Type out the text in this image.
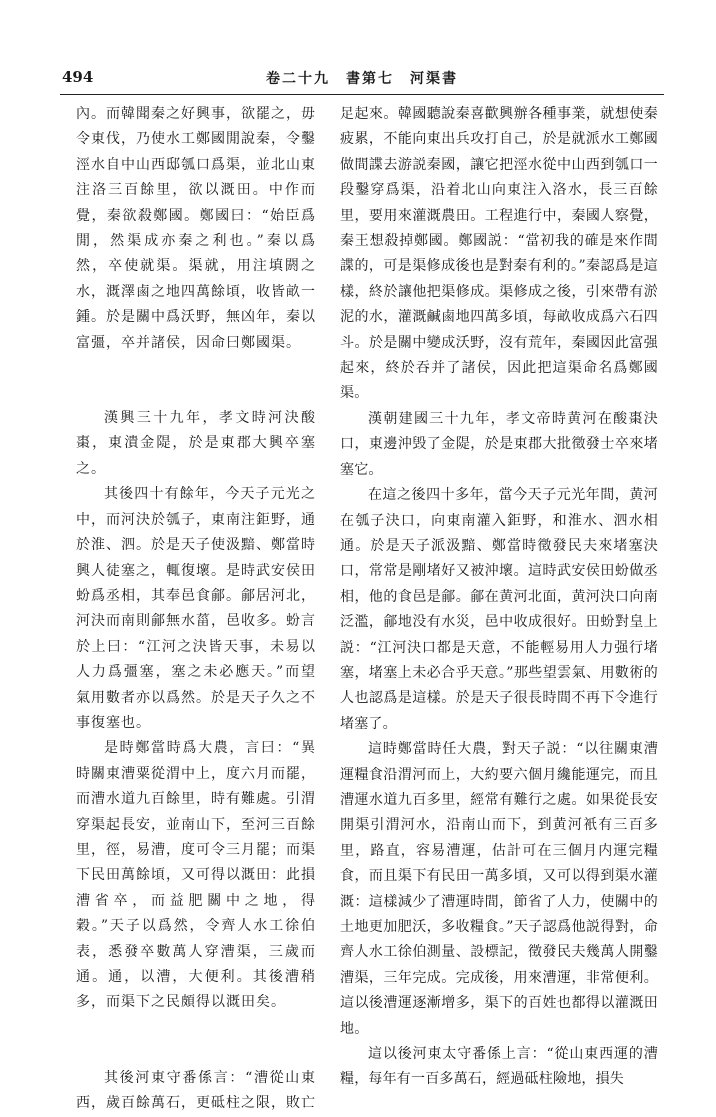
494	卷二十九　書第七　河渠書

內。而韓聞秦之好興事，欲罷之，毋令東伐，乃使水工鄭國閒說秦，令鑿涇水自中山西邸瓠口爲渠，並北山東注洛三百餘里，欲以溉田。中作而覺，秦欲殺鄭國。鄭國曰：“始臣爲閒，然渠成亦秦之利也。”秦以爲然，卒使就渠。渠就，用注填閼之水，溉澤鹵之地四萬餘頃，收皆畝一鍾。於是關中爲沃野，無凶年，秦以富彊，卒并諸侯，因命曰鄭國渠。

漢興三十九年，孝文時河決酸棗，東潰金隄，於是東郡大興卒塞之。

其後四十有餘年，今天子元光之中，而河決於瓠子，東南注鉅野，通於淮、泗。於是天子使汲黯、鄭當時興人徒塞之，輒復壞。是時武安侯田蚡爲丞相，其奉邑食鄃。鄃居河北，河決而南則鄃無水菑，邑收多。蚡言於上曰：“江河之決皆天事，未易以人力爲彊塞，塞之未必應天。”而望氣用數者亦以爲然。於是天子久之不事復塞也。

是時鄭當時爲大農，言曰：“異時關東漕粟從渭中上，度六月而罷，而漕水道九百餘里，時有難處。引渭穿渠起長安，並南山下，至河三百餘里，徑，易漕，度可令三月罷；而渠下民田萬餘頃，又可得以溉田：此損漕省卒，而益肥關中之地，得穀。”天子以爲然，令齊人水工徐伯表，悉發卒數萬人穿漕渠，三歲而通。通，以漕，大便利。其後漕稍多，而渠下之民頗得以溉田矣。

其後河東守番係言：“漕從山東西，歲百餘萬石，更砥柱之限，敗亡

足起來。韓國聽說秦喜歡興辦各種事業，就想使秦疲累，不能向東出兵攻打自己，於是就派水工鄭國做間諜去游説秦國，讓它把涇水從中山西到瓠口一段鑿穿爲渠，沿着北山向東注入洛水，長三百餘里，要用來灌溉農田。工程進行中，秦國人察覺，秦王想殺掉鄭國。鄭國説：“當初我的確是來作間諜的，可是渠修成後也是對秦有利的。”秦認爲是這樣，終於讓他把渠修成。渠修成之後，引來帶有淤泥的水，灌溉鹹鹵地四萬多頃，每畝收成爲六石四斗。於是關中變成沃野，沒有荒年，秦國因此富强起來，終於吞并了諸侯，因此把這渠命名爲鄭國渠。

漢朝建國三十九年，孝文帝時黄河在酸棗決口，東邊沖毁了金隄，於是東郡大批徵發士卒來堵塞它。

在這之後四十多年，當今天子元光年間，黄河在瓠子決口，向東南灌入鉅野，和淮水、泗水相通。於是天子派汲黯、鄭當時徵發民夫來堵塞決口，常常是剛堵好又被沖壞。這時武安侯田蚡做丞相，他的食邑是鄃。鄃在黄河北面，黄河決口向南泛濫，鄃地没有水災，邑中收成很好。田蚡對皇上説：“江河決口都是天意，不能輕易用人力强行堵塞，堵塞上未必合乎天意。”那些望雲氣、用數術的人也認爲是這樣。於是天子很長時間不再下令進行堵塞了。

這時鄭當時任大農，對天子説：“以往關東漕運糧食沿渭河而上，大約要六個月纔能運完，而且漕運水道九百多里，經常有難行之處。如果從長安開渠引渭河水，沿南山而下，到黄河衹有三百多里，路直，容易漕運，估計可在三個月内運完糧食，而且渠下有民田一萬多頃，又可以得到渠水灌溉：這樣減少了漕運時間，節省了人力，使關中的土地更加肥沃，多收糧食。”天子認爲他説得對，命齊人水工徐伯測量、設標記，徵發民夫幾萬人開鑿漕渠，三年完成。完成後，用來漕運，非常便利。這以後漕運逐漸增多，渠下的百姓也都得以灌溉田地。

這以後河東太守番係上言：“從山東西運的漕糧，每年有一百多萬石，經過砥柱險地，損失
